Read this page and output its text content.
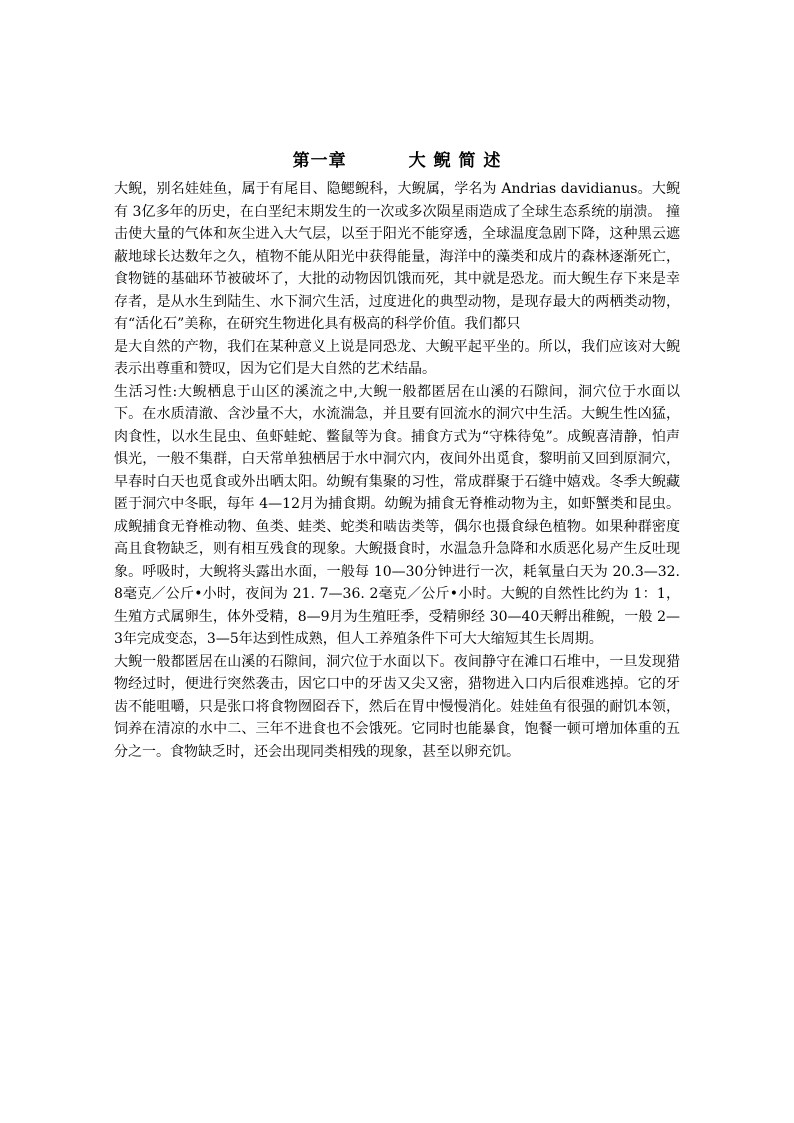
第一章	大 鲵 简 述

大鲵，别名娃娃鱼，属于有尾目、隐鳃鲵科，大鲵属，学名为 Andrias davidianus。大鲵有 3亿多年的历史，在白垩纪末期发生的一次或多次陨星雨造成了全球生态系统的崩溃。 撞击使大量的气体和灰尘进入大气层，以至于阳光不能穿透，全球温度急剧下降，这种黑云遮蔽地球长达数年之久，植物不能从阳光中获得能量，海洋中的藻类和成片的森林逐渐死亡，食物链的基础环节被破坏了，大批的动物因饥饿而死，其中就是恐龙。而大鲵生存下来是幸存者，是从水生到陆生、水下洞穴生活，过度进化的典型动物，是现存最大的两栖类动物，有“活化石”美称，在研究生物进化具有极高的科学价值。我们都只

是大自然的产物，我们在某种意义上说是同恐龙、大鲵平起平坐的。所以，我们应该对大鲵表示出尊重和赞叹，因为它们是大自然的艺术结晶。

生活习性:大鲵栖息于山区的溪流之中,大鲵一般都匿居在山溪的石隙间，洞穴位于水面以下。在水质清澈、含沙量不大，水流湍急，并且要有回流水的洞穴中生活。大鲵生性凶猛，肉食性，以水生昆虫、鱼虾蛙蛇、鳖鼠等为食。捕食方式为“守株待兔”。成鲵喜清静，怕声惧光，一般不集群，白天常单独栖居于水中洞穴内，夜间外出觅食，黎明前又回到原洞穴，早春时白天也觅食或外出晒太阳。幼鲵有集聚的习性，常成群聚于石缝中嬉戏。冬季大鲵藏匿于洞穴中冬眠，每年 4—12月为捕食期。幼鲵为捕食无脊椎动物为主，如虾蟹类和昆虫。成鲵捕食无脊椎动物、鱼类、蛙类、蛇类和啮齿类等，偶尔也摄食绿色植物。如果种群密度高且食物缺乏，则有相互残食的现象。大鲵摄食时，水温急升急降和水质恶化易产生反吐现象。呼吸时，大鲵将头露出水面，一般每 10—30分钟进行一次，耗氧量白天为 20.3—32. 8毫克／公斤•小时，夜间为 21. 7—36. 2毫克／公斤•小时。大鲵的自然性比约为 1：1，生殖方式属卵生，体外受精，8—9月为生殖旺季，受精卵经 30—40天孵出稚鲵，一般 2—3年完成变态，3—5年达到性成熟，但人工养殖条件下可大大缩短其生长周期。

大鲵一般都匿居在山溪的石隙间，洞穴位于水面以下。夜间静守在滩口石堆中，一旦发现猎物经过时，便进行突然袭击，因它口中的牙齿又尖又密，猎物进入口内后很难逃掉。它的牙齿不能咀嚼，只是张口将食物囫囵吞下，然后在胃中慢慢消化。娃娃鱼有很强的耐饥本领，饲养在清凉的水中二、三年不进食也不会饿死。它同时也能暴食，饱餐一顿可增加体重的五分之一。食物缺乏时，还会出现同类相残的现象，甚至以卵充饥。
